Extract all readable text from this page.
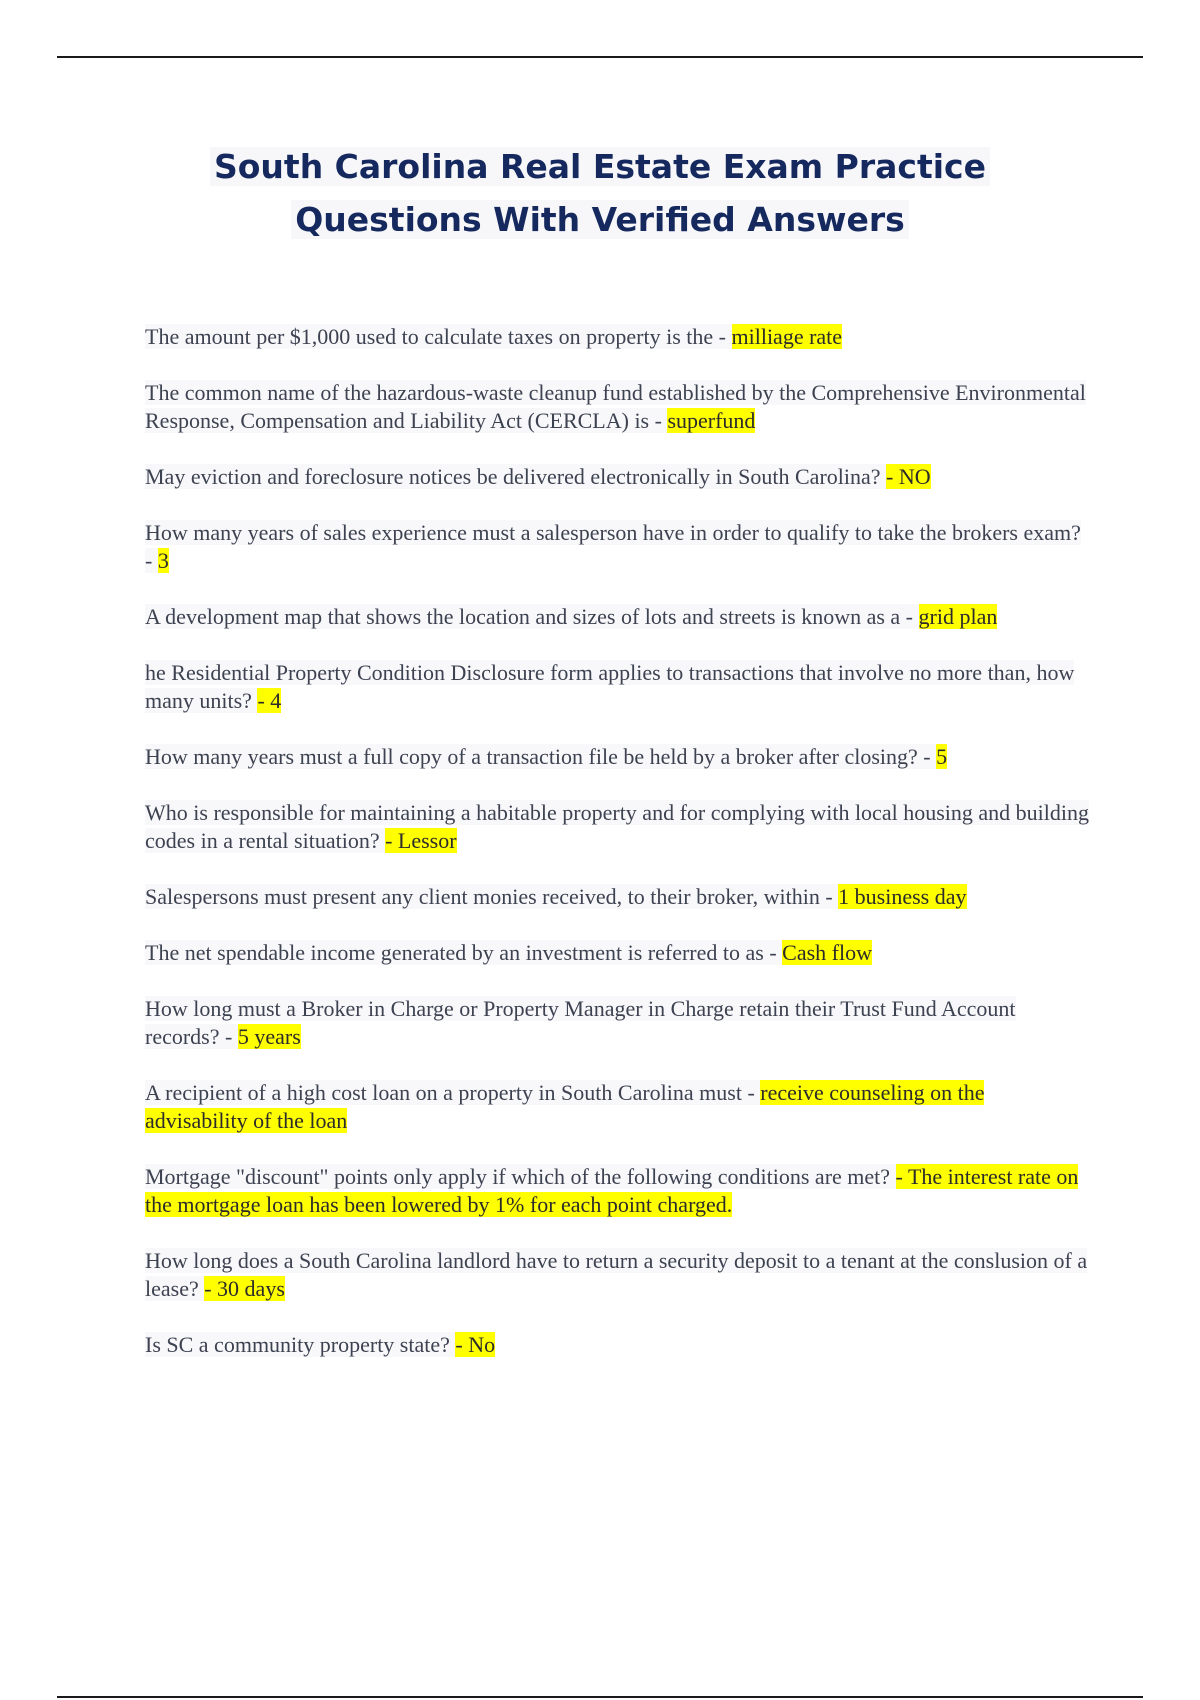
South Carolina Real Estate Exam Practice
Questions With Verified Answers

The amount per $1,000 used to calculate taxes on property is the - milliage rate

The common name of the hazardous-waste cleanup fund established by the Comprehensive Environmental Response, Compensation and Liability Act (CERCLA) is - superfund

May eviction and foreclosure notices be delivered electronically in South Carolina? - NO

How many years of sales experience must a salesperson have in order to qualify to take the brokers exam? - 3

A development map that shows the location and sizes of lots and streets is known as a - grid plan

he Residential Property Condition Disclosure form applies to transactions that involve no more than, how many units? - 4

How many years must a full copy of a transaction file be held by a broker after closing? - 5

Who is responsible for maintaining a habitable property and for complying with local housing and building codes in a rental situation? - Lessor

Salespersons must present any client monies received, to their broker, within - 1 business day

The net spendable income generated by an investment is referred to as - Cash flow

How long must a Broker in Charge or Property Manager in Charge retain their Trust Fund Account records? - 5 years

A recipient of a high cost loan on a property in South Carolina must - receive counseling on the advisability of the loan

Mortgage "discount" points only apply if which of the following conditions are met? - The interest rate on the mortgage loan has been lowered by 1% for each point charged.

How long does a South Carolina landlord have to return a security deposit to a tenant at the conslusion of a lease? - 30 days

Is SC a community property state? - No
